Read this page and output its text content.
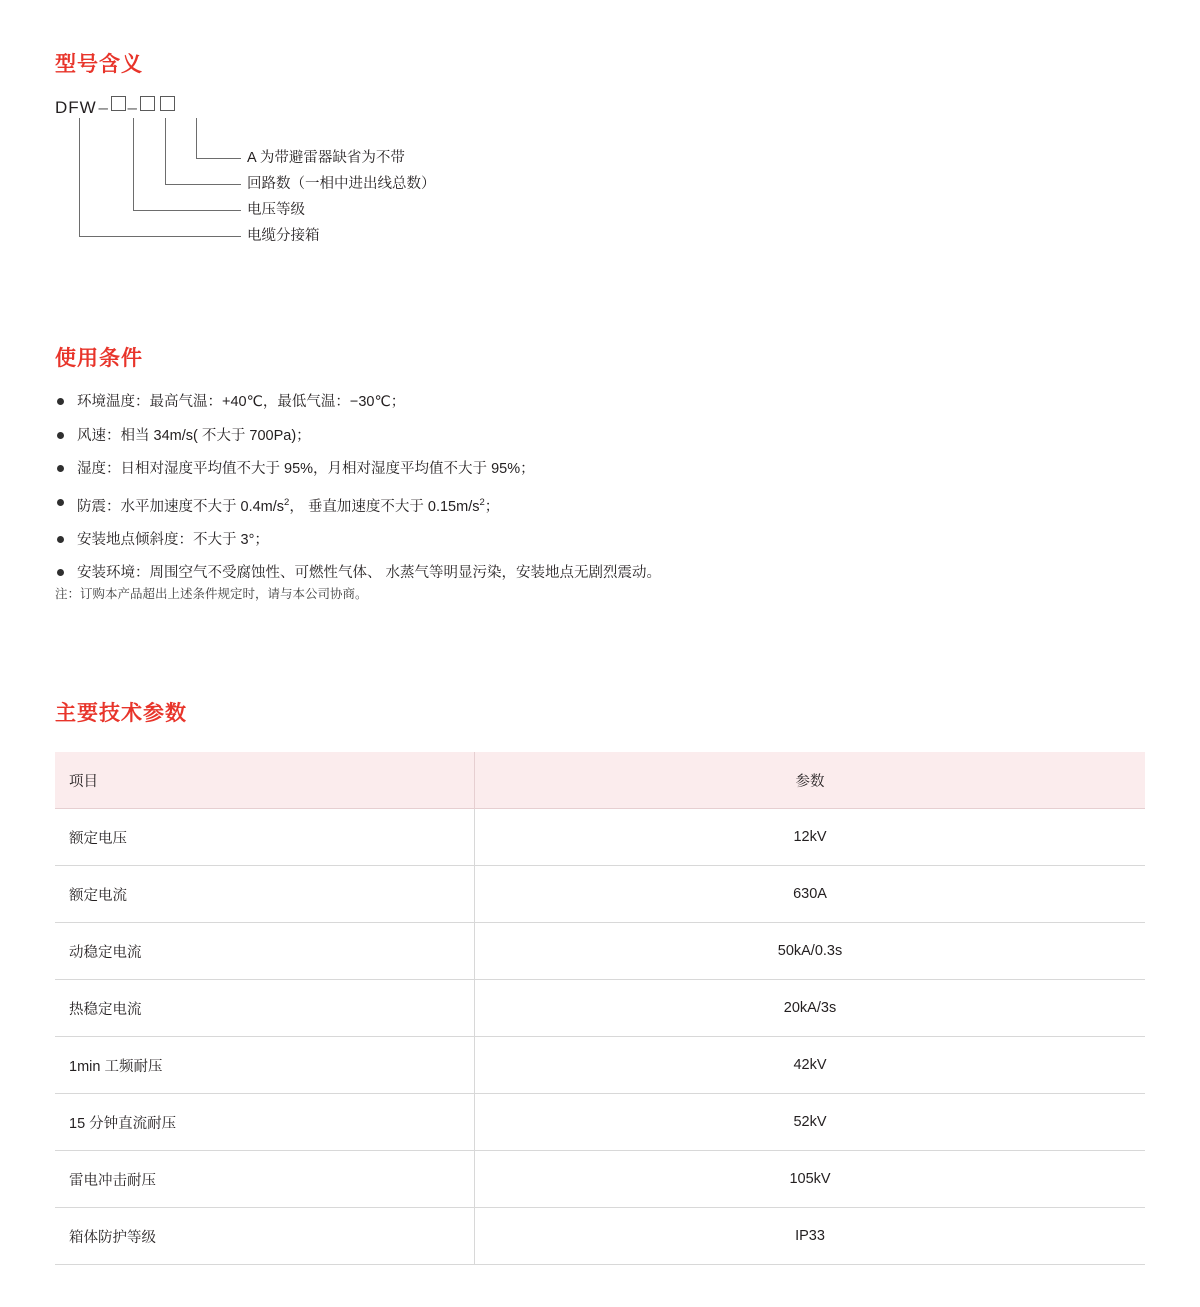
型号含义
DFW – –
A 为带避雷器缺省为不带
回路数（一相中进出线总数）
电压等级
电缆分接箱
使用条件
环境温度：最高气温：+40℃，最低气温：−30℃；
风速：相当 34m/s( 不大于 700Pa)；
湿度：日相对湿度平均值不大于 95%，月相对湿度平均值不大于 95%；
防震：水平加速度不大于 $0.4m/s^2$， 垂直加速度不大于 $0.15m/s^2$；
安装地点倾斜度：不大于 3°；
安装环境：周围空气不受腐蚀性、可燃性气体、 水蒸气等明显污染，安装地点无剧烈震动。
注：订购本产品超出上述条件规定时，请与本公司协商。
主要技术参数
项目	参数
额定电压	12kV
额定电流	630A
动稳定电流	50kA/0.3s
热稳定电流	20kA/3s
1min 工频耐压	42kV
15 分钟直流耐压	52kV
雷电冲击耐压	105kV
箱体防护等级	IP33
